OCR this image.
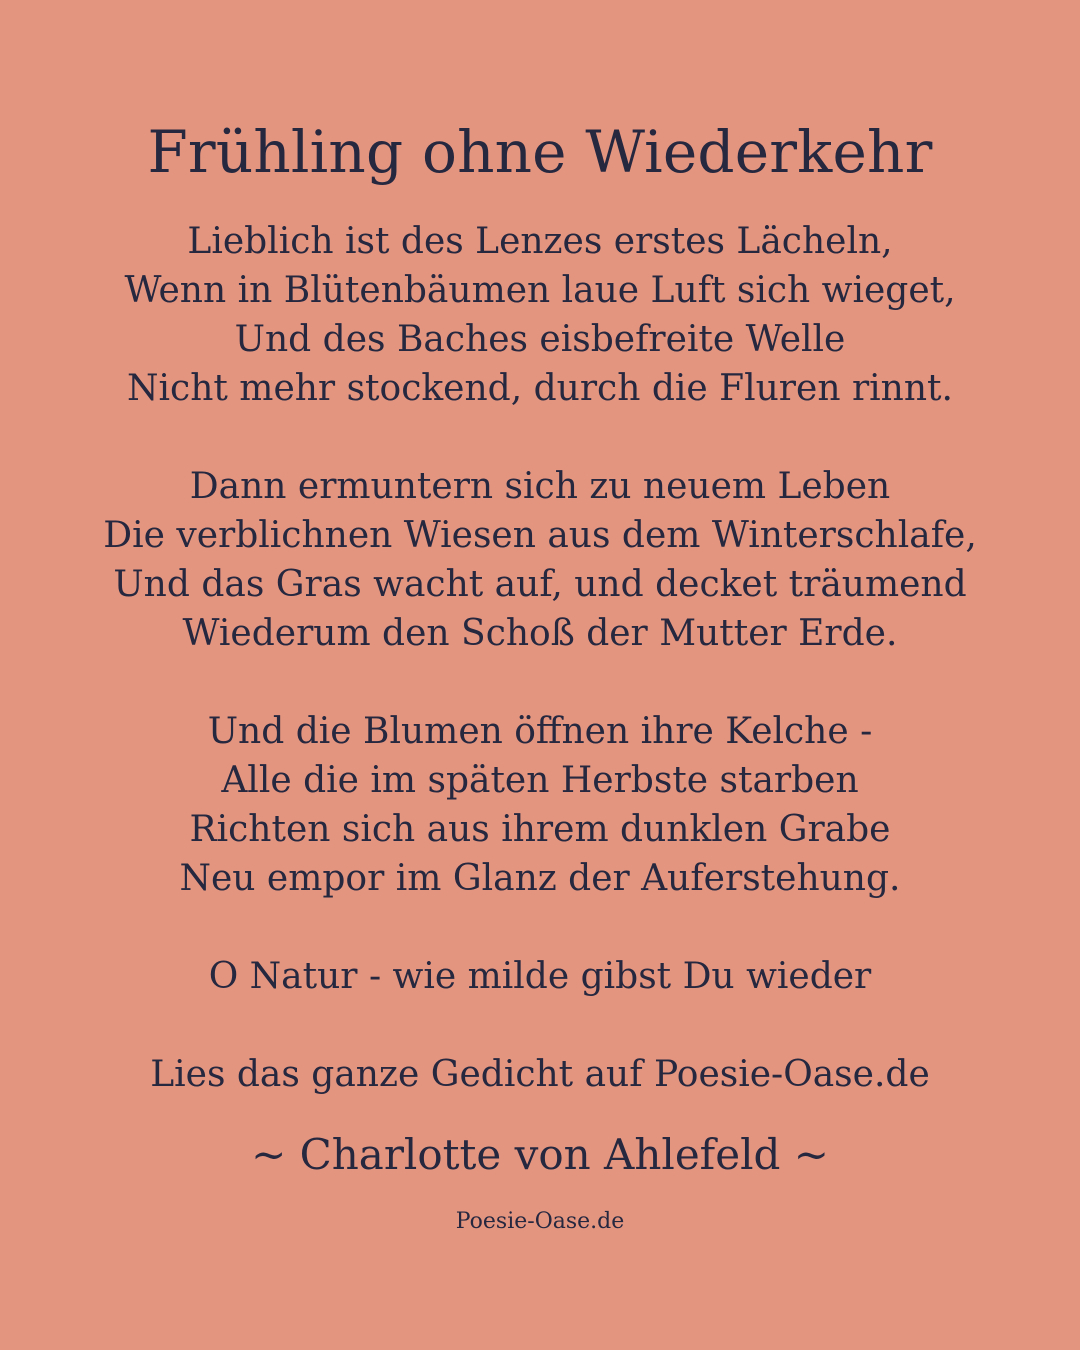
Frühling ohne Wiederkehr
Lieblich ist des Lenzes erstes Lächeln,
Wenn in Blütenbäumen laue Luft sich wieget,
Und des Baches eisbefreite Welle
Nicht mehr stockend, durch die Fluren rinnt.
Dann ermuntern sich zu neuem Leben
Die verblichnen Wiesen aus dem Winterschlafe,
Und das Gras wacht auf, und decket träumend
Wiederum den Schoß der Mutter Erde.
Und die Blumen öffnen ihre Kelche -
Alle die im späten Herbste starben
Richten sich aus ihrem dunklen Grabe
Neu empor im Glanz der Auferstehung.
O Natur - wie milde gibst Du wieder
Lies das ganze Gedicht auf Poesie-Oase.de
~ Charlotte von Ahlefeld ~
Poesie-Oase.de
